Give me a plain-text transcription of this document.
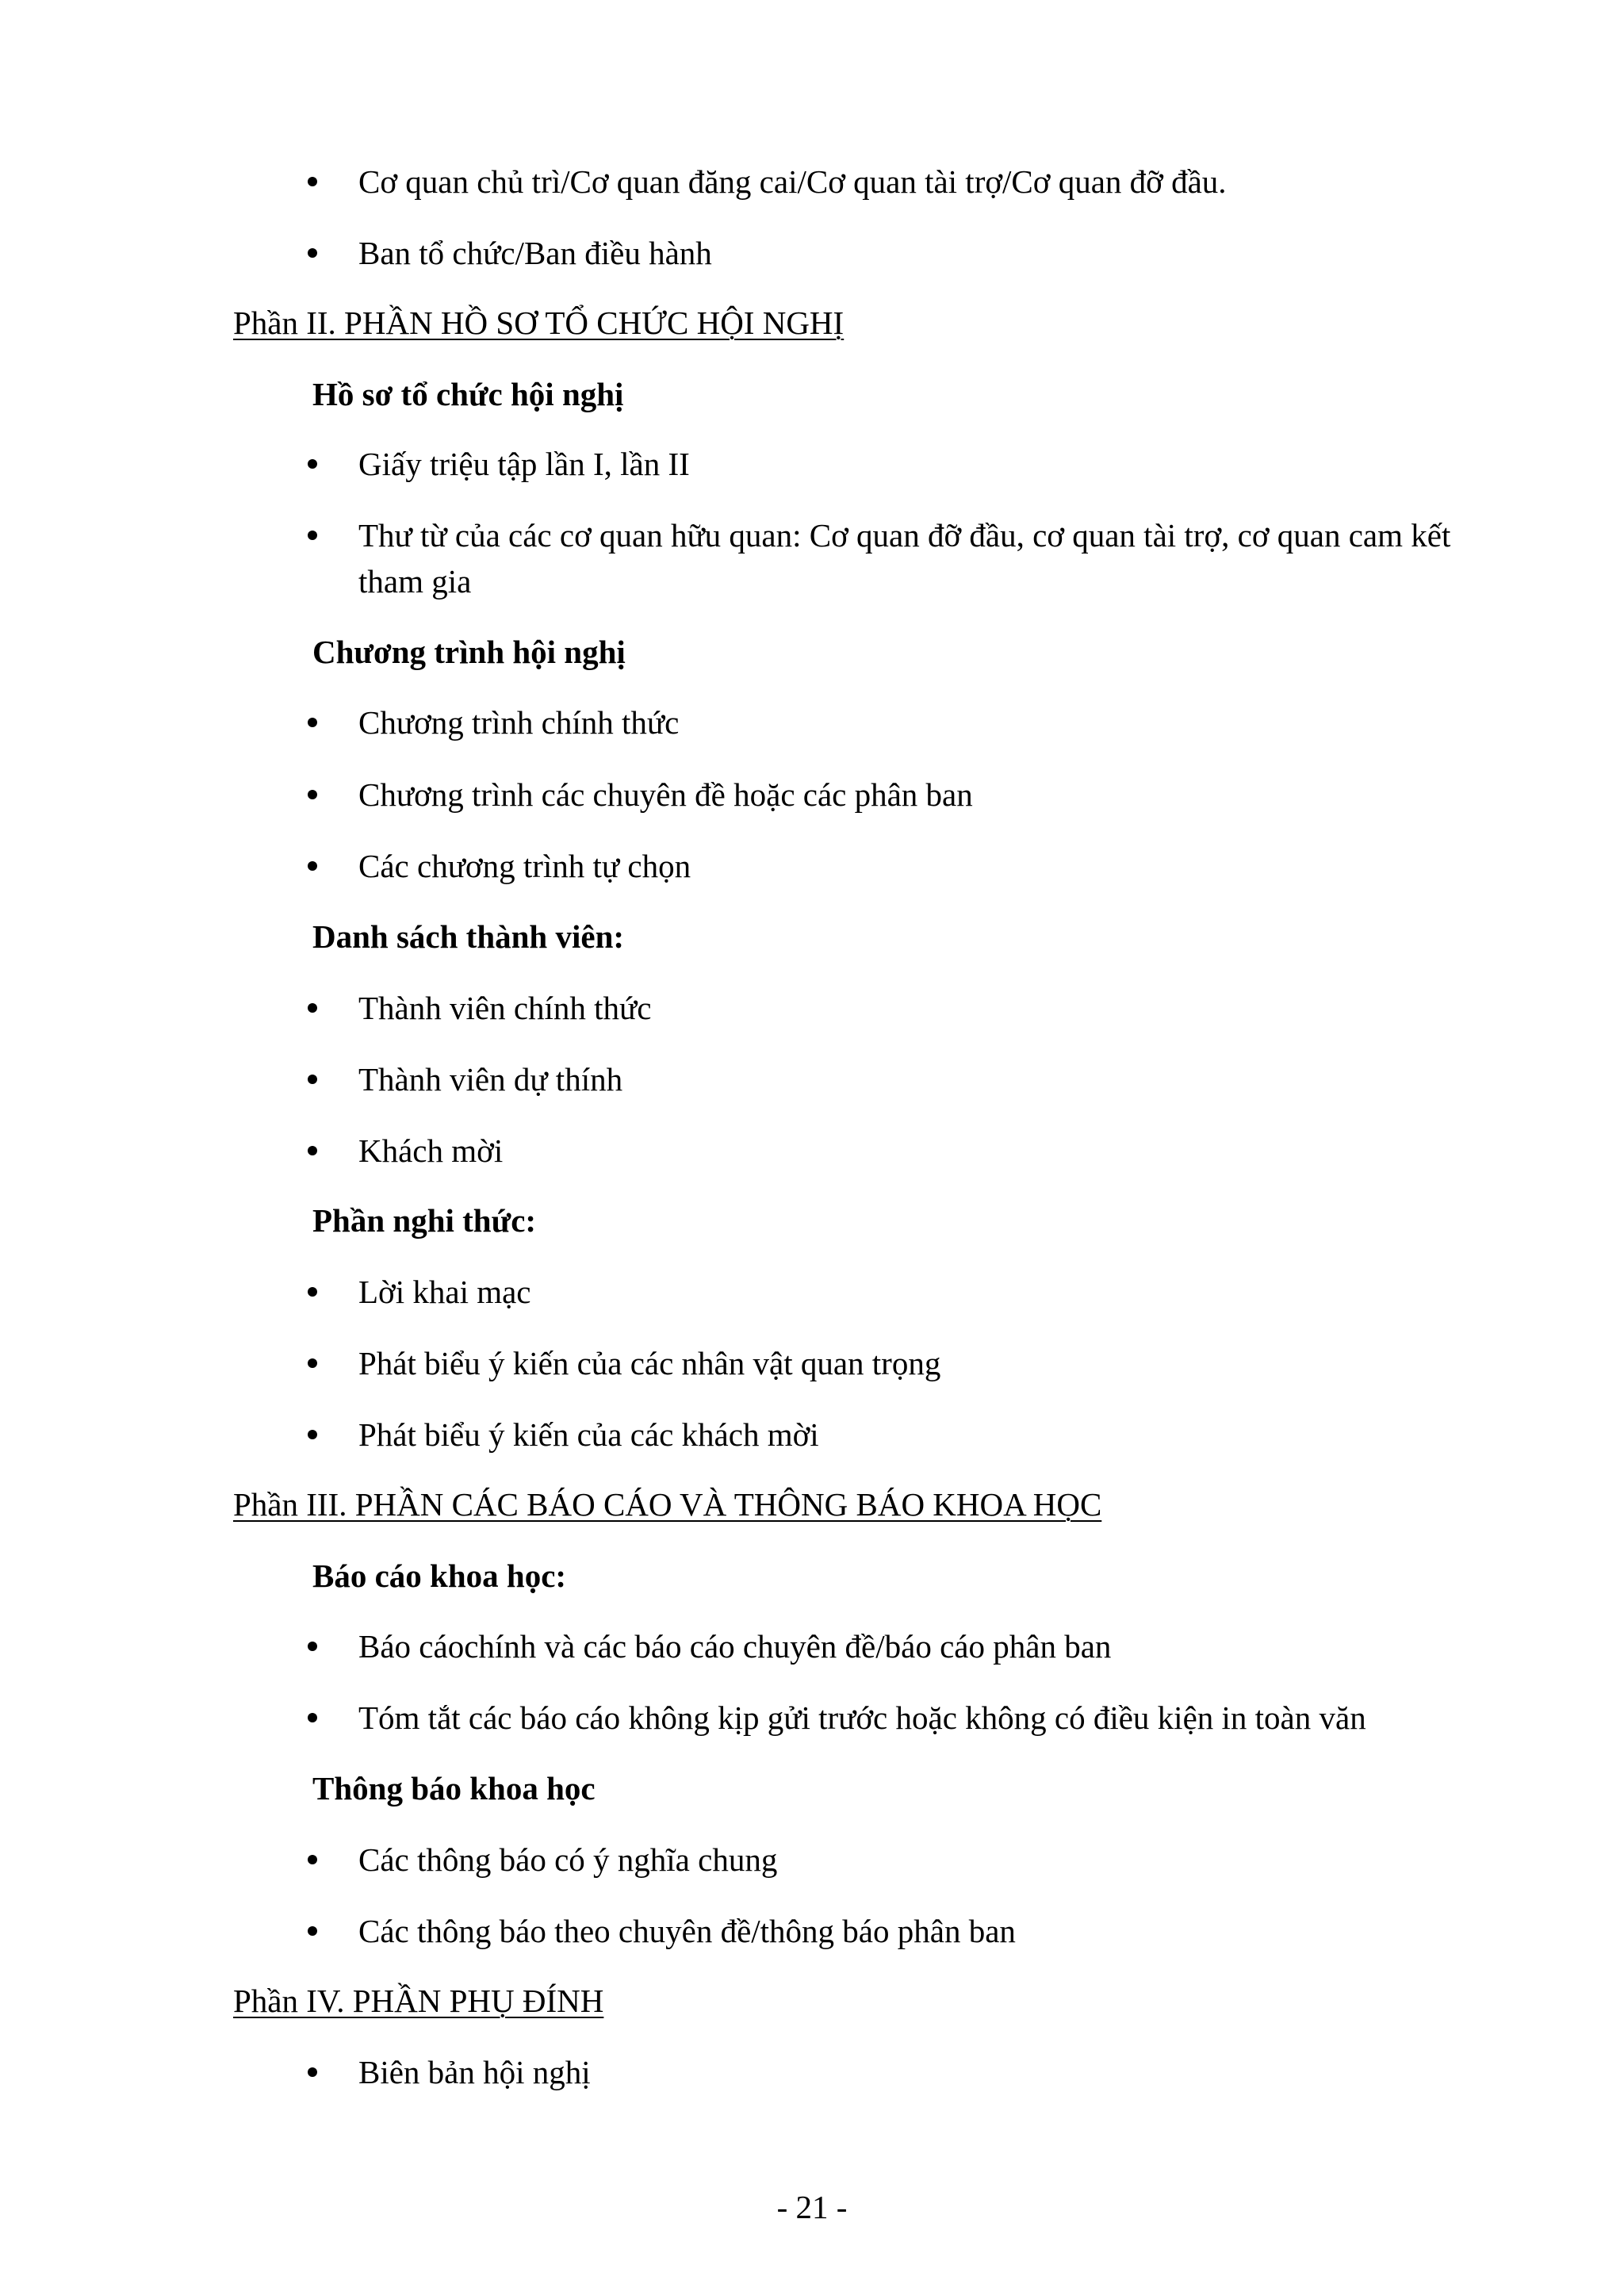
Cơ quan chủ trì/Cơ quan đăng cai/Cơ quan tài trợ/Cơ quan đỡ đầu.
Ban tổ chức/Ban điều hành
Phần II. PHẦN HỒ SƠ TỔ CHỨC HỘI NGHỊ
Hồ sơ tổ chức hội nghị
Giấy triệu tập lần I, lần II
Thư từ của các cơ quan hữu quan: Cơ quan đỡ đầu, cơ quan tài trợ, cơ quan cam kết tham gia
Chương trình hội nghị
Chương trình chính thức
Chương trình các chuyên đề hoặc các phân ban
Các chương trình tự chọn
Danh sách thành viên:
Thành viên chính thức
Thành viên dự thính
Khách mời
Phần nghi thức:
Lời khai mạc
Phát biểu ý kiến của các nhân vật quan trọng
Phát biểu ý kiến của các khách mời
Phần III. PHẦN CÁC BÁO CÁO VÀ THÔNG BÁO KHOA HỌC
Báo cáo khoa học:
Báo cáochính và các báo cáo chuyên đề/báo cáo phân ban
Tóm tắt các báo cáo không kịp gửi trước hoặc không có điều kiện in toàn văn
Thông báo khoa học
Các thông báo có ý nghĩa chung
Các thông báo theo chuyên đề/thông báo phân ban
Phần IV. PHẦN PHỤ ĐÍNH
Biên bản hội nghị
- 21 -
